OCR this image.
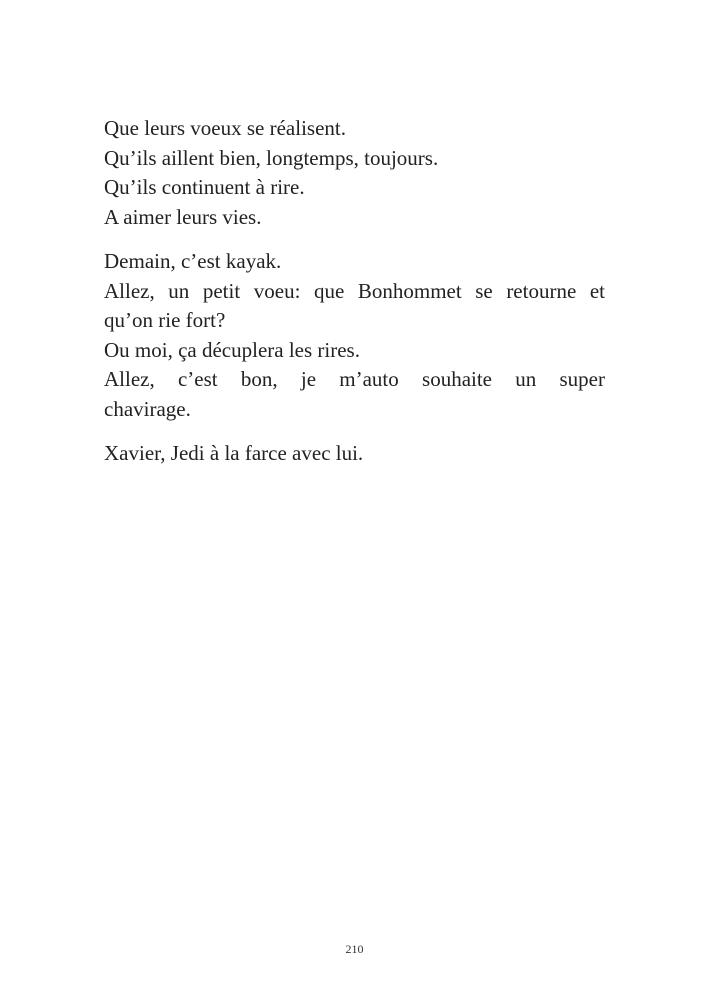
Que leurs voeux se réalisent.
Qu’ils aillent bien, longtemps, toujours.
Qu’ils continuent à rire.
A aimer leurs vies.
Demain, c’est kayak.
Allez, un petit voeu: que Bonhommet se retourne et
qu’on rie fort?
Ou moi, ça décuplera les rires.
Allez, c’est bon, je m’auto souhaite un super
chavirage.
Xavier, Jedi à la farce avec lui.
210
